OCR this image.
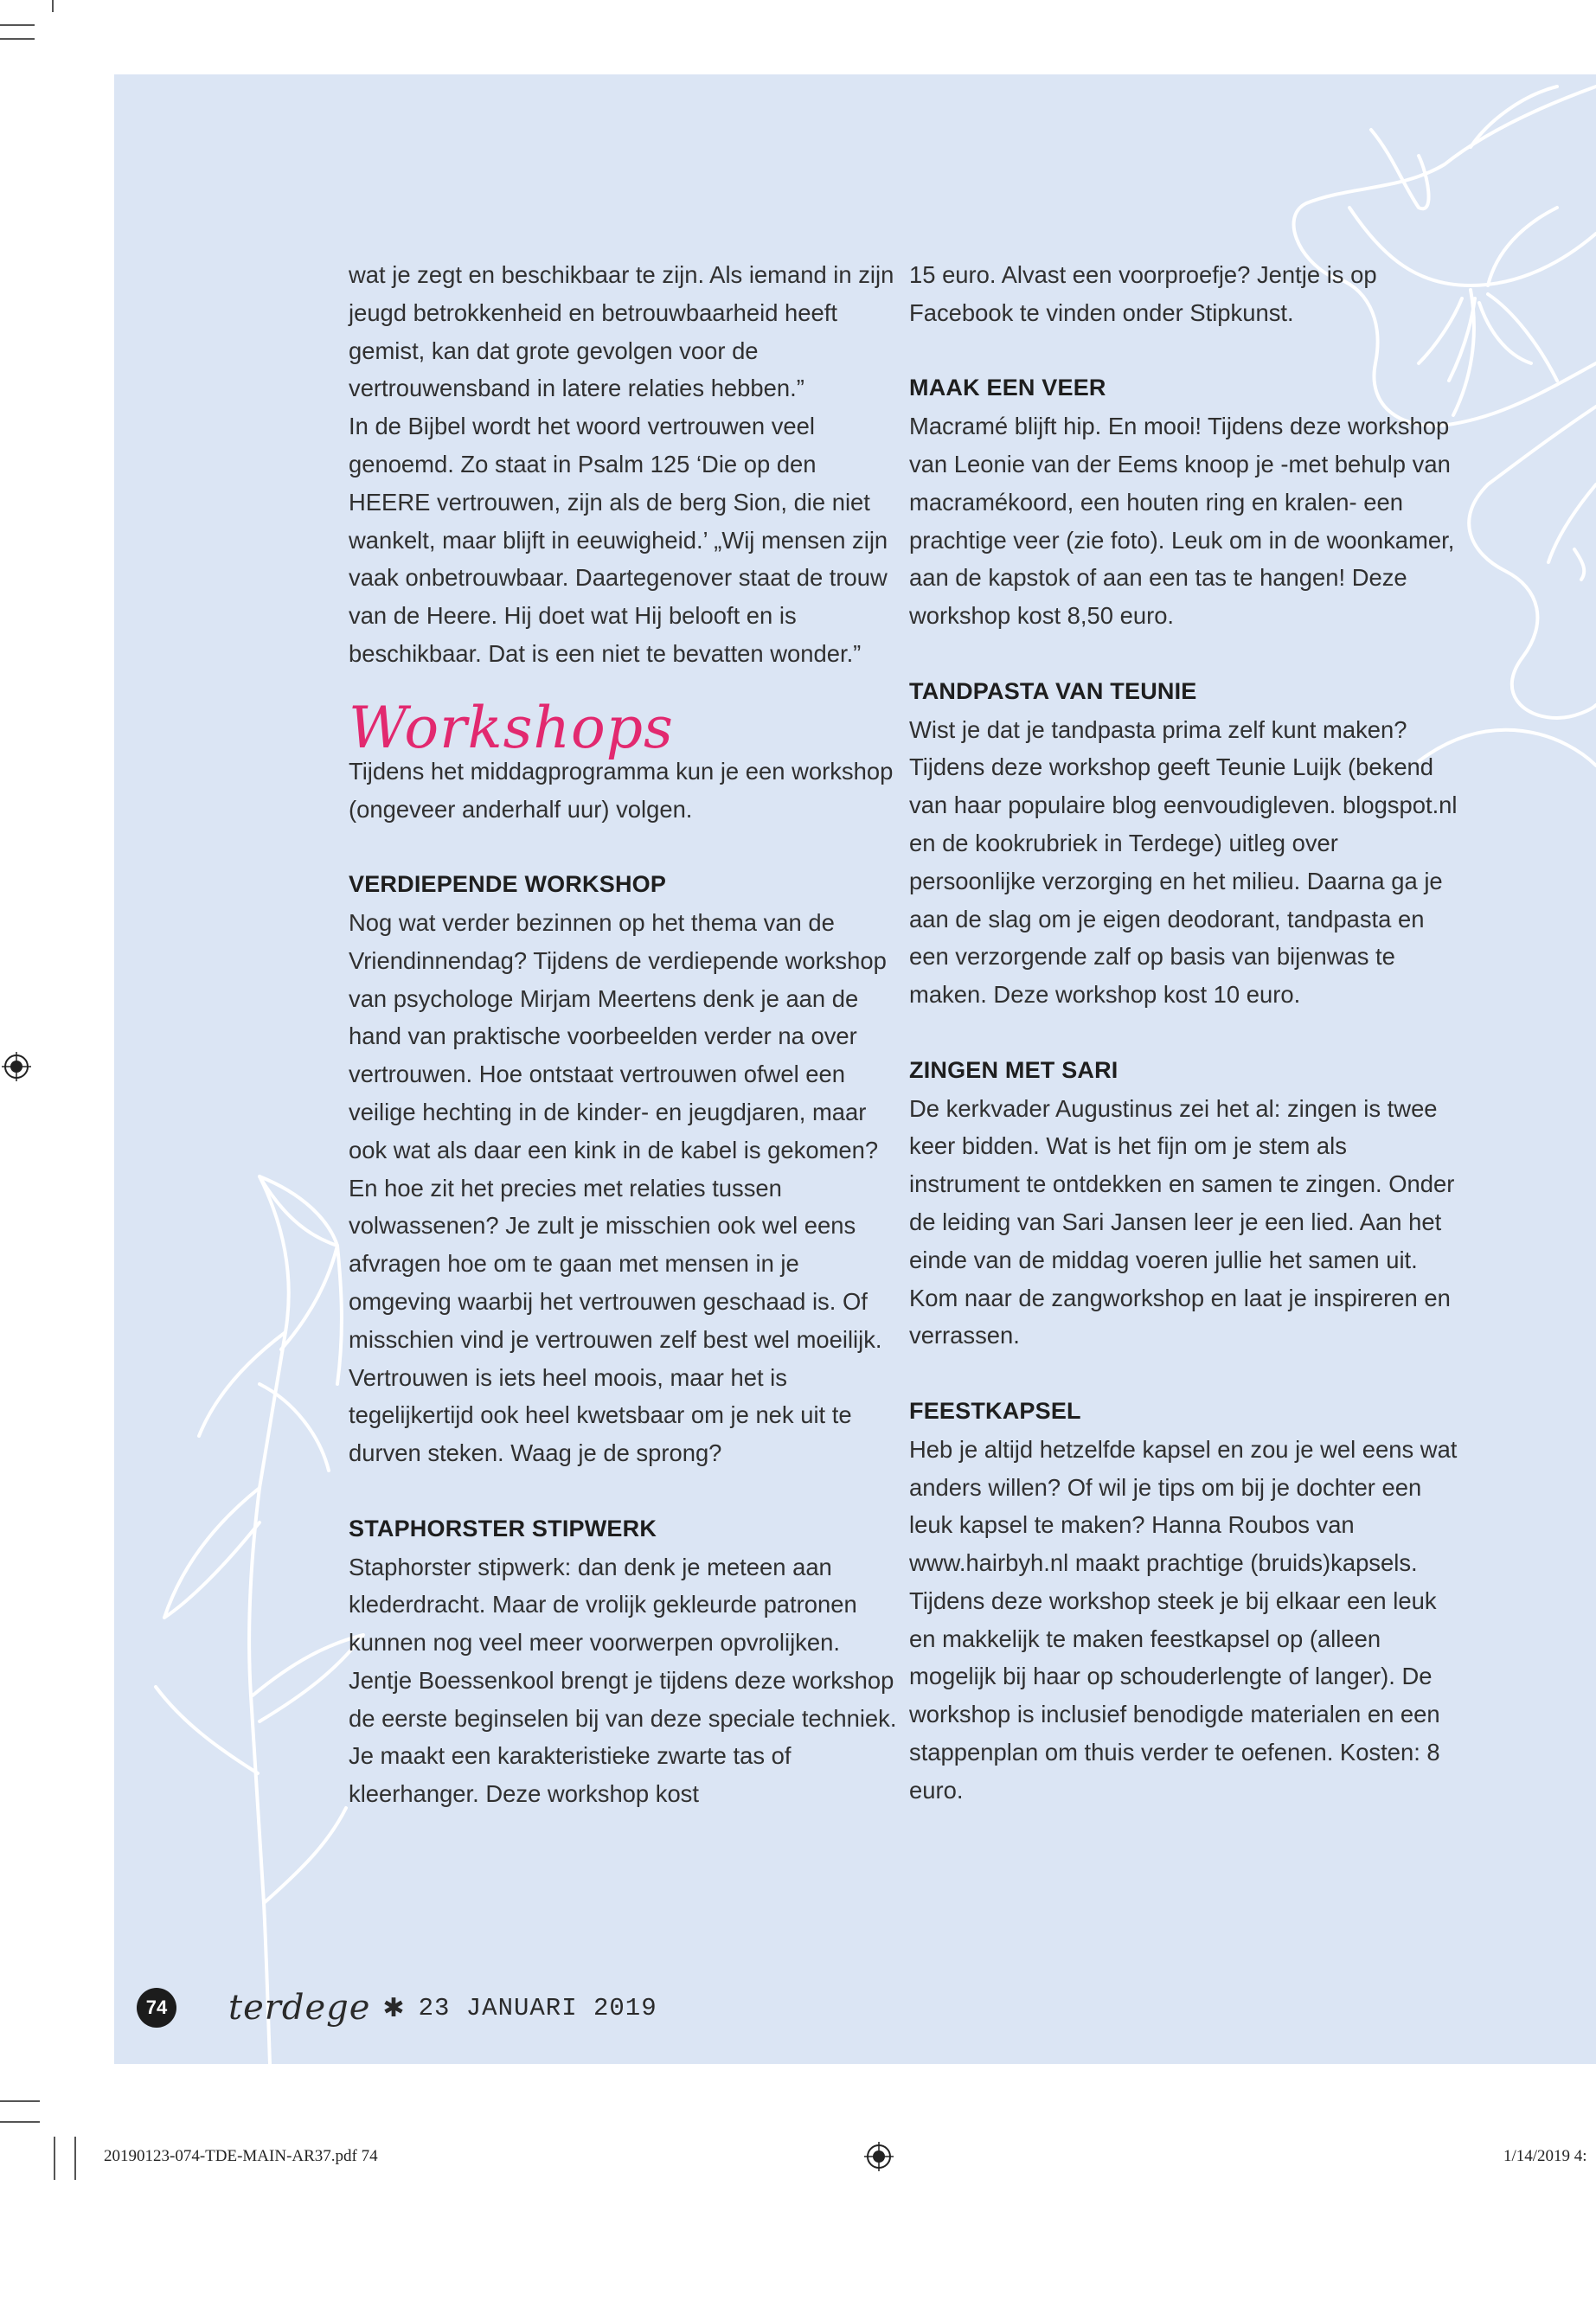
wat je zegt en beschikbaar te zijn. Als iemand in zijn jeugd betrokkenheid en betrouwbaarheid heeft gemist, kan dat grote gevolgen voor de vertrouwensband in latere relaties hebben.”

In de Bijbel wordt het woord vertrouwen veel genoemd. Zo staat in Psalm 125 ‘Die op den HEERE vertrouwen, zijn als de berg Sion, die niet wankelt, maar blijft in eeuwigheid.’ „Wij mensen zijn vaak onbetrouwbaar. Daartegenover staat de trouw van de Heere. Hij doet wat Hij belooft en is beschikbaar. Dat is een niet te bevatten wonder.”

Workshops

Tijdens het middagprogramma kun je een workshop (ongeveer anderhalf uur) volgen.

VERDIEPENDE WORKSHOP

Nog wat verder bezinnen op het thema van de Vriendinnendag? Tijdens de verdiepende workshop van psychologe Mirjam Meertens denk je aan de hand van praktische voorbeelden verder na over vertrouwen. Hoe ontstaat vertrouwen ofwel een veilige hechting in de kinder- en jeugdjaren, maar ook wat als daar een kink in de kabel is gekomen? En hoe zit het precies met relaties tussen volwassenen? Je zult je misschien ook wel eens afvragen hoe om te gaan met mensen in je omgeving waarbij het vertrouwen geschaad is. Of misschien vind je vertrouwen zelf best wel moeilijk. Vertrouwen is iets heel moois, maar het is tegelijkertijd ook heel kwetsbaar om je nek uit te durven steken. Waag je de sprong?

STAPHORSTER STIPWERK

Staphorster stipwerk: dan denk je meteen aan klederdracht. Maar de vrolijk gekleurde patronen kunnen nog veel meer voorwerpen opvrolijken. Jentje Boessenkool brengt je tijdens deze workshop de eerste beginselen bij van deze speciale techniek. Je maakt een karakteristieke zwarte tas of kleerhanger. Deze workshop kost

15 euro. Alvast een voorproefje? Jentje is op Facebook te vinden onder Stipkunst.

MAAK EEN VEER

Macramé blijft hip. En mooi! Tijdens deze workshop van Leonie van der Eems knoop je -met behulp van macramékoord, een houten ring en kralen- een prachtige veer (zie foto). Leuk om in de woonkamer, aan de kapstok of aan een tas te hangen! Deze workshop kost 8,50 euro.

TANDPASTA VAN TEUNIE

Wist je dat je tandpasta prima zelf kunt maken? Tijdens deze workshop geeft Teunie Luijk (bekend van haar populaire blog eenvoudigleven. blogspot.nl en de kookrubriek in Terdege) uitleg over persoonlijke verzorging en het milieu. Daarna ga je aan de slag om je eigen deodorant, tandpasta en een verzorgende zalf op basis van bijenwas te maken. Deze workshop kost 10 euro.

ZINGEN MET SARI

De kerkvader Augustinus zei het al: zingen is twee keer bidden. Wat is het fijn om je stem als instrument te ontdekken en samen te zingen. Onder de leiding van Sari Jansen leer je een lied. Aan het einde van de middag voeren jullie het samen uit. Kom naar de zangworkshop en laat je inspireren en verrassen.

FEESTKAPSEL

Heb je altijd hetzelfde kapsel en zou je wel eens wat anders willen? Of wil je tips om bij je dochter een leuk kapsel te maken? Hanna Roubos van www.hairbyh.nl maakt prachtige (bruids)kapsels. Tijdens deze workshop steek je bij elkaar een leuk en makkelijk te maken feestkapsel op (alleen mogelijk bij haar op schouderlengte of langer). De workshop is inclusief benodigde materialen en een stappenplan om thuis verder te oefenen. Kosten: 8 euro.

74 terdege ✱ 23 JANUARI 2019
20190123-074-TDE-MAIN-AR37.pdf 74	1/14/2019 4:
